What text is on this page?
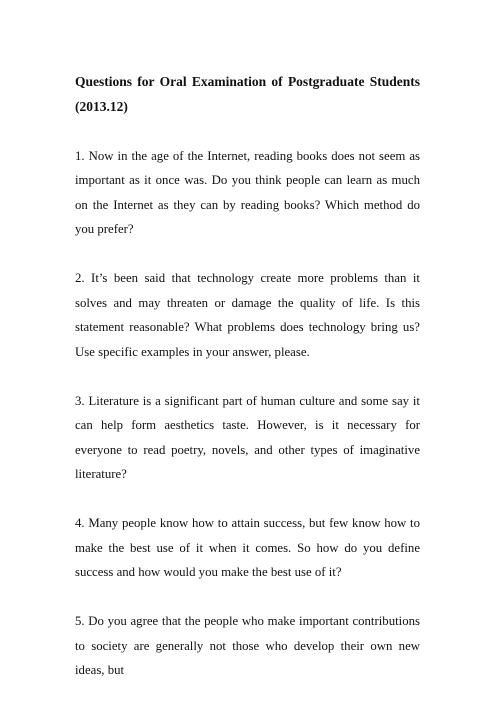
Questions for Oral Examination of Postgraduate Students (2013.12)

1. Now in the age of the Internet, reading books does not seem as important as it once was. Do you think people can learn as much on the Internet as they can by reading books? Which method do you prefer?

2. It’s been said that technology create more problems than it solves and may threaten or damage the quality of life. Is this statement reasonable? What problems does technology bring us? Use specific examples in your answer, please.

3. Literature is a significant part of human culture and some say it can help form aesthetics taste. However, is it necessary for everyone to read poetry, novels, and other types of imaginative literature?

4. Many people know how to attain success, but few know how to make the best use of it when it comes. So how do you define success and how would you make the best use of it?

5. Do you agree that the people who make important contributions to society are generally not those who develop their own new ideas, but
